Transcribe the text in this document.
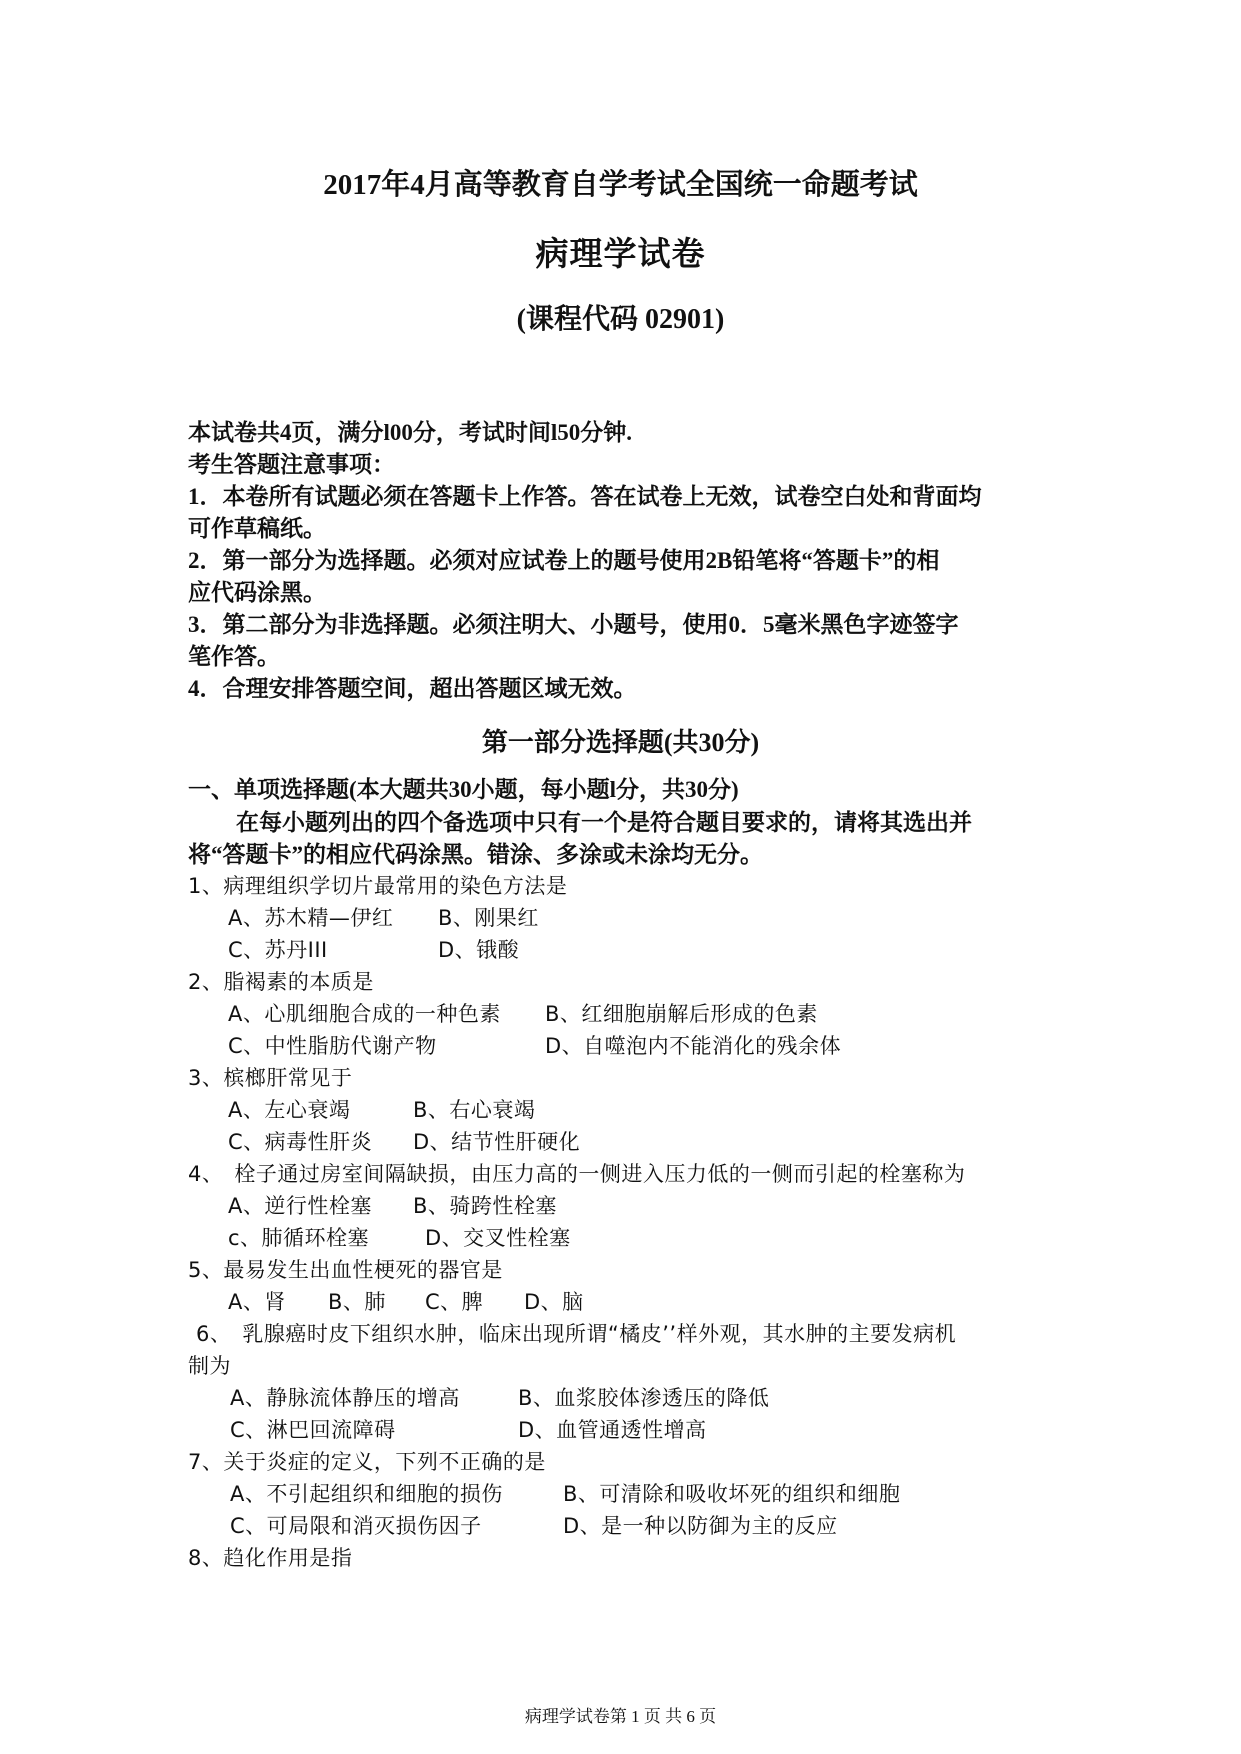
2017年4月高等教育自学考试全国统一命题考试
病理学试卷
(课程代码 02901)
本试卷共4页，满分l00分，考试时间l50分钟.
考生答题注意事项：
1．本卷所有试题必须在答题卡上作答。答在试卷上无效，试卷空白处和背面均
可作草稿纸。
2．第一部分为选择题。必须对应试卷上的题号使用2B铅笔将“答题卡”的相
应代码涂黑。
3．第二部分为非选择题。必须注明大、小题号，使用0．5毫米黑色字迹签字
笔作答。
4．合理安排答题空间，超出答题区域无效。
第一部分选择题(共30分)
一、单项选择题(本大题共30小题，每小题l分，共30分)
在每小题列出的四个备选项中只有一个是符合题目要求的，请将其选出并
将“答题卡”的相应代码涂黑。错涂、多涂或未涂均无分。
1、病理组织学切片最常用的染色方法是
A、苏木精—伊红 B、刚果红
C、苏丹III	D、锇酸
2、脂褐素的本质是
A、心肌细胞合成的一种色素 B、红细胞崩解后形成的色素
C、中性脂肪代谢产物	D、自噬泡内不能消化的残余体
3、槟榔肝常见于
A、左心衰竭	B、右心衰竭
C、病毒性肝炎 D、结节性肝硬化
4、　栓子通过房室间隔缺损，由压力高的一侧进入压力低的一侧而引起的栓塞称为
A、逆行性栓塞 B、骑跨性栓塞
c、肺循环栓塞	D、交叉性栓塞
5、最易发生出血性梗死的器官是
A、肾 B、肺 C、脾 D、脑
6、　乳腺癌时皮下组织水肿，临床出现所谓“橘皮’’样外观，其水肿的主要发病机
制为
A、静脉流体静压的增高	B、血浆胶体渗透压的降低
C、淋巴回流障碍	D、血管通透性增高
7、关于炎症的定义，下列不正确的是
A、不引起组织和细胞的损伤	B、可清除和吸收坏死的组织和细胞
C、可局限和消灭损伤因子	D、是一种以防御为主的反应
8、趋化作用是指
病理学试卷第 1 页 共 6 页
